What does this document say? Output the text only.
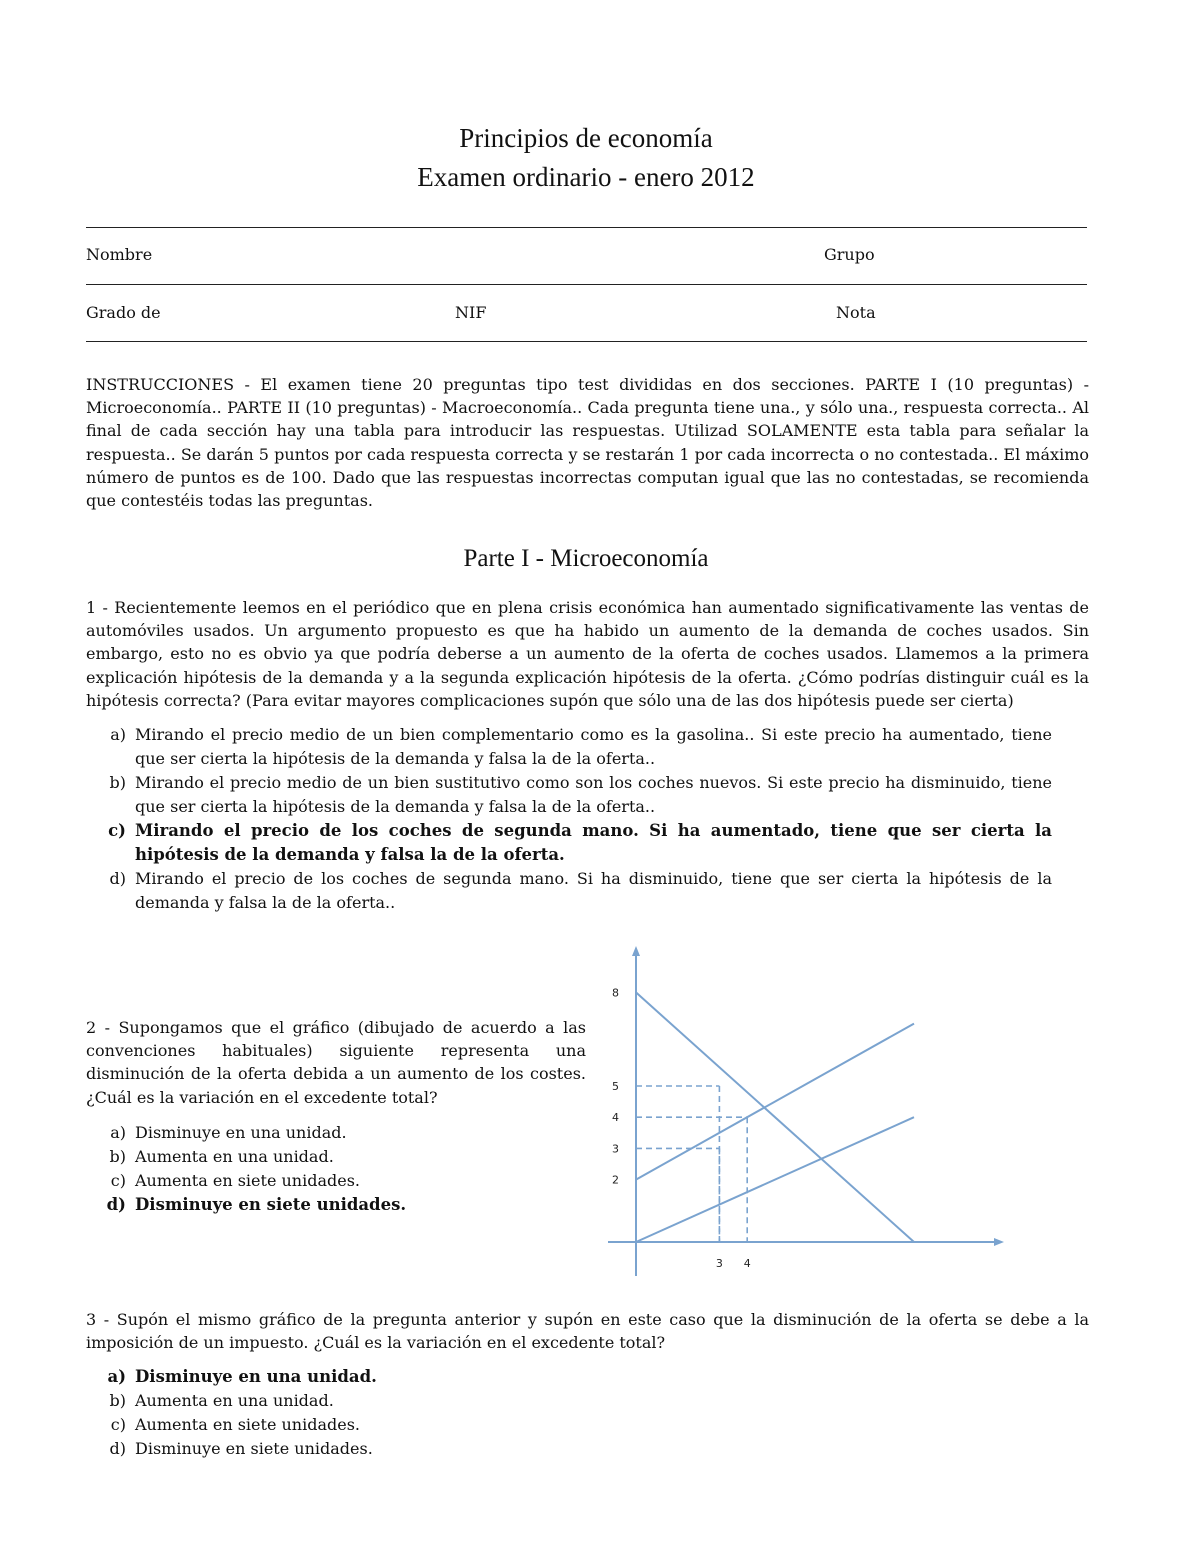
Principios de economía
Examen ordinario - enero 2012
Nombre	Grupo
Grado de	NIF	Nota
INSTRUCCIONES - El examen tiene 20 preguntas tipo test divididas en dos secciones. PARTE I (10 preguntas) - Microeconomía.. PARTE II (10 preguntas) - Macroeconomía.. Cada pregunta tiene una., y sólo una., respuesta correcta.. Al final de cada sección hay una tabla para introducir las respuestas. Utilizad SOLAMENTE esta tabla para señalar la respuesta.. Se darán 5 puntos por cada respuesta correcta y se restarán 1 por cada incorrecta o no contestada.. El máximo número de puntos es de 100. Dado que las respuestas incorrectas computan igual que las no contestadas, se recomienda que contestéis todas las preguntas.
Parte I - Microeconomía
1 - Recientemente leemos en el periódico que en plena crisis económica han aumentado significativamente las ventas de automóviles usados. Un argumento propuesto es que ha habido un aumento de la demanda de coches usados. Sin embargo, esto no es obvio ya que podría deberse a un aumento de la oferta de coches usados. Llamemos a la primera explicación hipótesis de la demanda y a la segunda explicación hipótesis de la oferta. ¿Cómo podrías distinguir cuál es la hipótesis correcta? (Para evitar mayores complicaciones supón que sólo una de las dos hipótesis puede ser cierta)
a) Mirando el precio medio de un bien complementario como es la gasolina.. Si este precio ha aumentado, tiene que ser cierta la hipótesis de la demanda y falsa la de la oferta..
b) Mirando el precio medio de un bien sustitutivo como son los coches nuevos. Si este precio ha disminuido, tiene que ser cierta la hipótesis de la demanda y falsa la de la oferta..
c) Mirando el precio de los coches de segunda mano. Si ha aumentado, tiene que ser cierta la hipótesis de la demanda y falsa la de la oferta.
d) Mirando el precio de los coches de segunda mano. Si ha disminuido, tiene que ser cierta la hipótesis de la demanda y falsa la de la oferta..
2 - Supongamos que el gráfico (dibujado de acuerdo a las convenciones habituales) siguiente representa una disminución de la oferta debida a un aumento de los costes. ¿Cuál es la variación en el excedente total?
a) Disminuye en una unidad.
b) Aumenta en una unidad.
c) Aumenta en siete unidades.
d) Disminuye en siete unidades.
8
5
4
3
2
3 4
3 - Supón el mismo gráfico de la pregunta anterior y supón en este caso que la disminución de la oferta se debe a la imposición de un impuesto. ¿Cuál es la variación en el excedente total?
a) Disminuye en una unidad.
b) Aumenta en una unidad.
c) Aumenta en siete unidades.
d) Disminuye en siete unidades.
